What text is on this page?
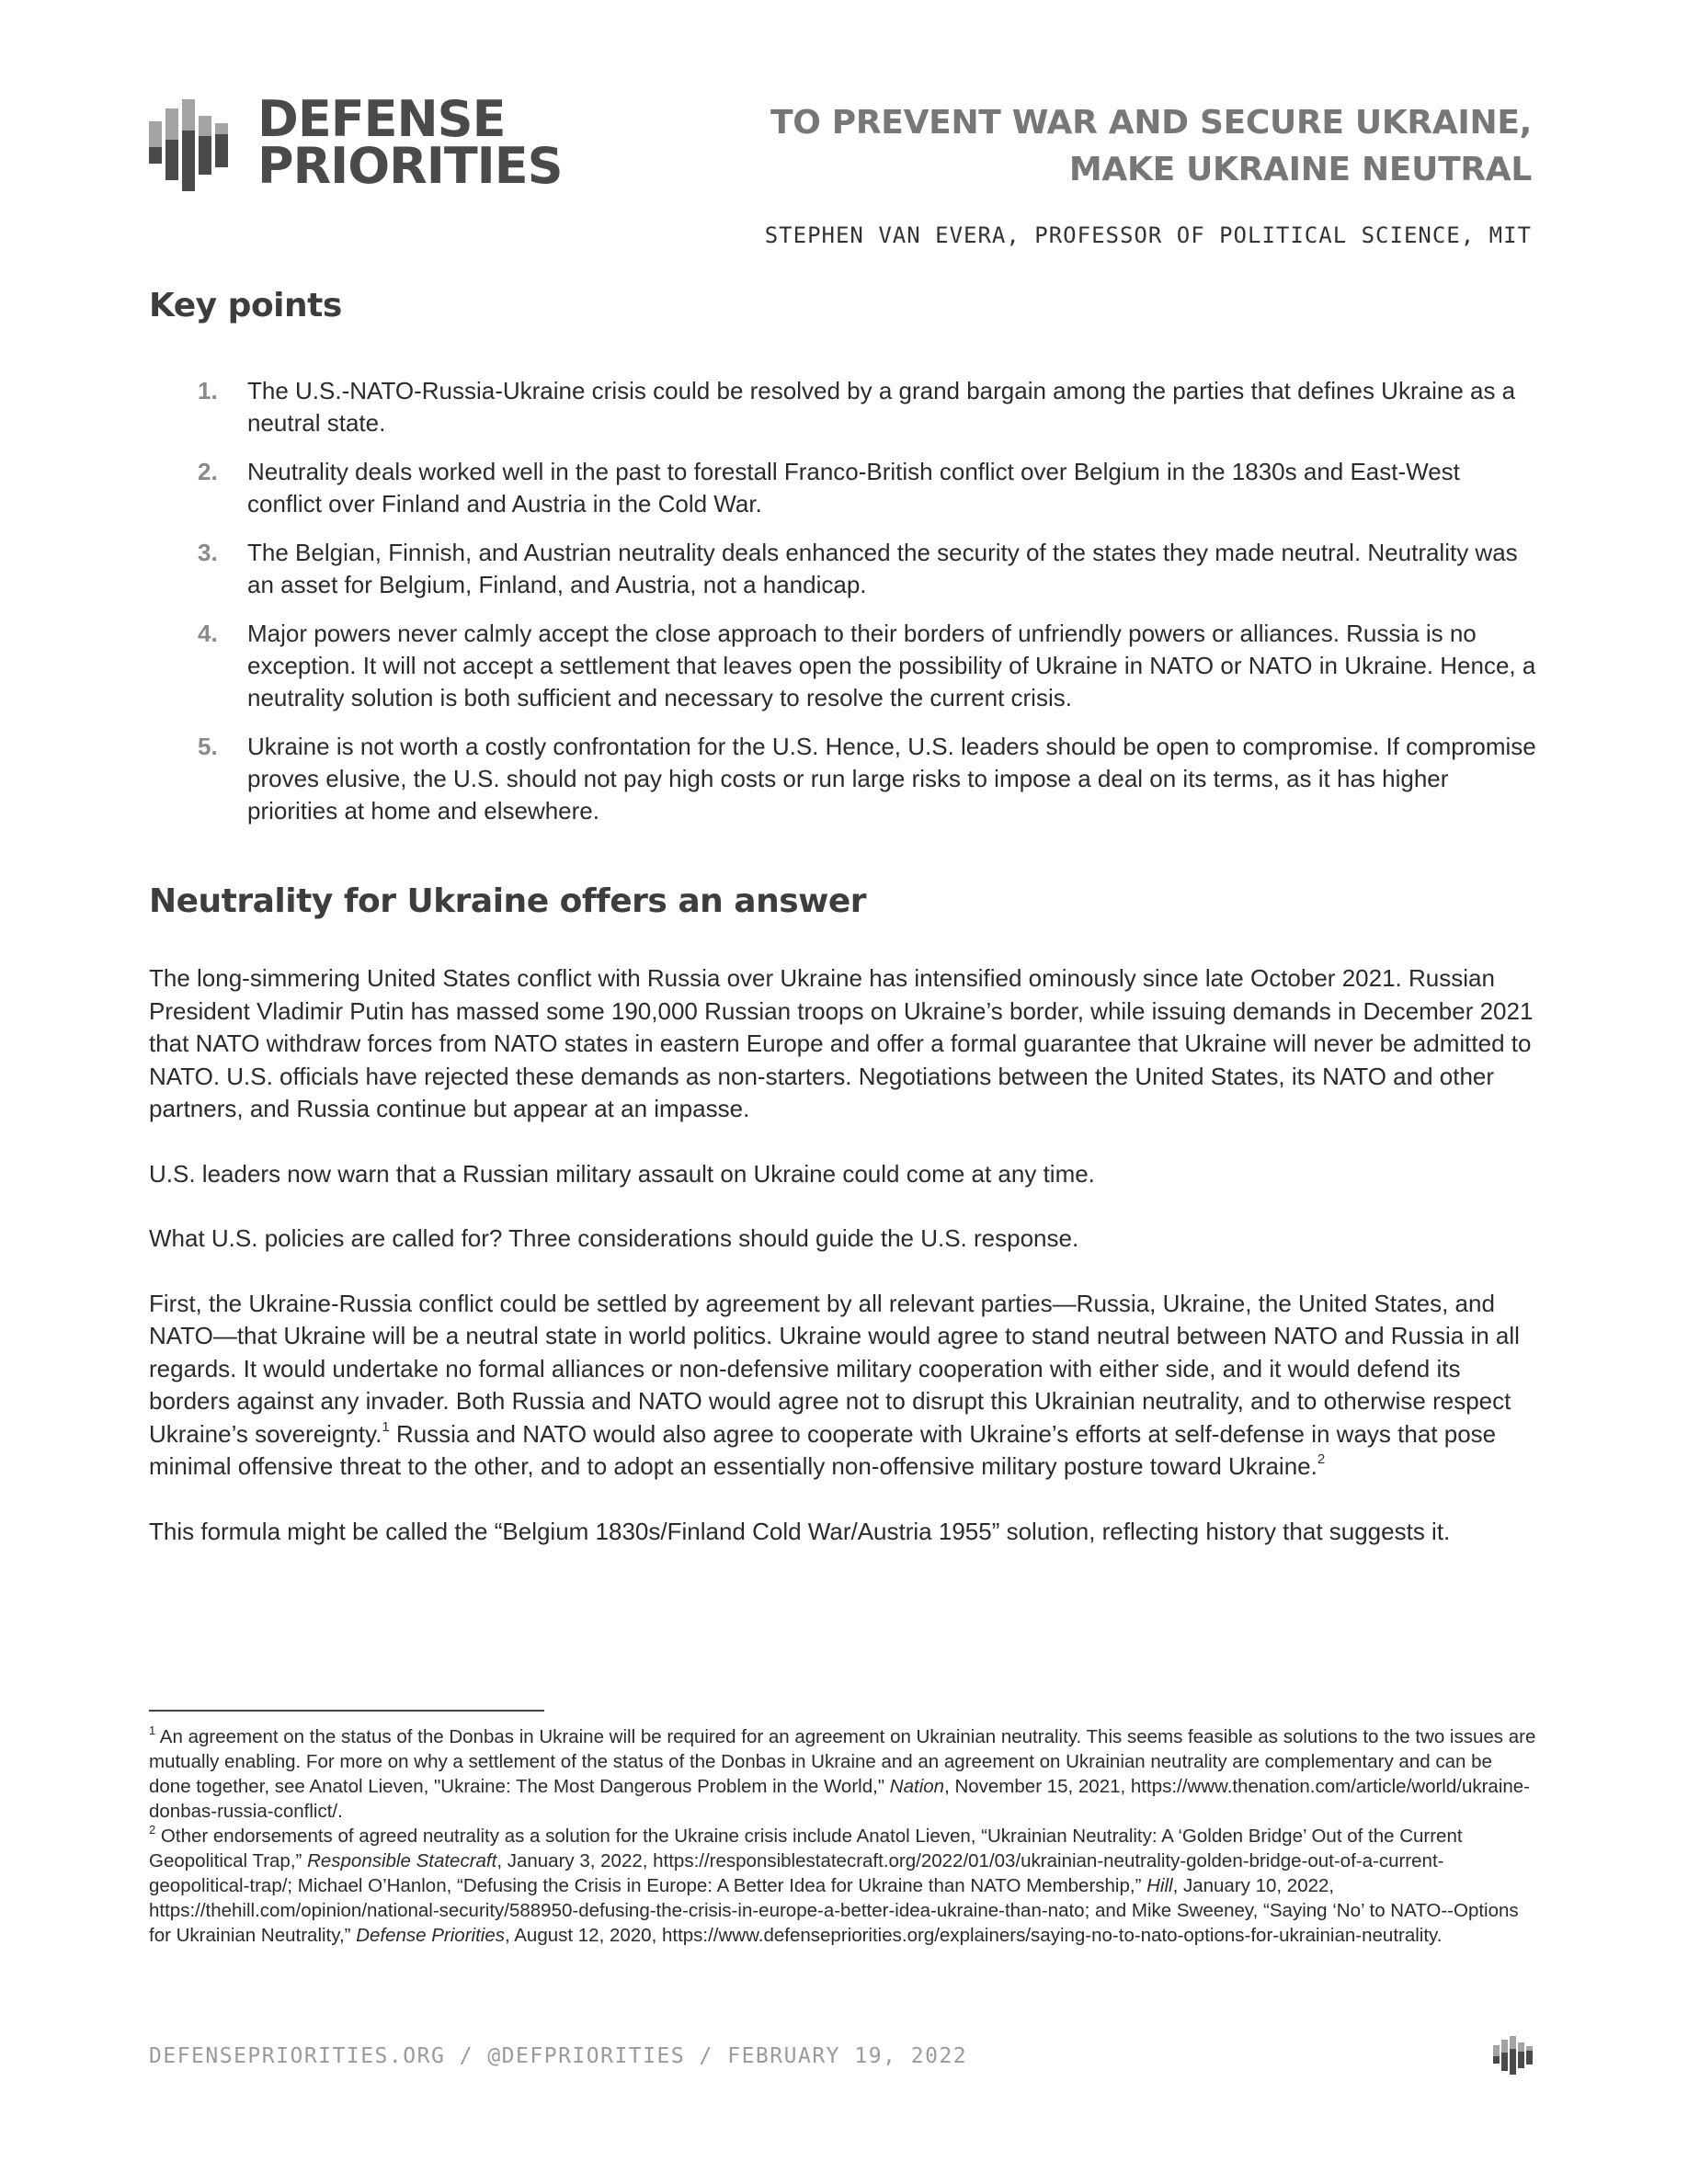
DEFENSE
PRIORITIES
TO PREVENT WAR AND SECURE UKRAINE,
MAKE UKRAINE NEUTRAL
STEPHEN VAN EVERA, PROFESSOR OF POLITICAL SCIENCE, MIT
Key points
1.	The U.S.-NATO-Russia-Ukraine crisis could be resolved by a grand bargain among the parties that defines Ukraine as a neutral state.
2.	Neutrality deals worked well in the past to forestall Franco-British conflict over Belgium in the 1830s and East-West conflict over Finland and Austria in the Cold War.
3.	The Belgian, Finnish, and Austrian neutrality deals enhanced the security of the states they made neutral. Neutrality was an asset for Belgium, Finland, and Austria, not a handicap.
4.	Major powers never calmly accept the close approach to their borders of unfriendly powers or alliances. Russia is no exception. It will not accept a settlement that leaves open the possibility of Ukraine in NATO or NATO in Ukraine. Hence, a neutrality solution is both sufficient and necessary to resolve the current crisis.
5.	Ukraine is not worth a costly confrontation for the U.S. Hence, U.S. leaders should be open to compromise. If compromise proves elusive, the U.S. should not pay high costs or run large risks to impose a deal on its terms, as it has higher priorities at home and elsewhere.
Neutrality for Ukraine offers an answer

The long-simmering United States conflict with Russia over Ukraine has intensified ominously since late October 2021. Russian President Vladimir Putin has massed some 190,000 Russian troops on Ukraine’s border, while issuing demands in December 2021 that NATO withdraw forces from NATO states in eastern Europe and offer a formal guarantee that Ukraine will never be admitted to NATO. U.S. officials have rejected these demands as non-starters. Negotiations between the United States, its NATO and other partners, and Russia continue but appear at an impasse.

U.S. leaders now warn that a Russian military assault on Ukraine could come at any time.

What U.S. policies are called for? Three considerations should guide the U.S. response.

First, the Ukraine-Russia conflict could be settled by agreement by all relevant parties—Russia, Ukraine, the United States, and NATO—that Ukraine will be a neutral state in world politics. Ukraine would agree to stand neutral between NATO and Russia in all regards. It would undertake no formal alliances or non-defensive military cooperation with either side, and it would defend its borders against any invader. Both Russia and NATO would agree not to disrupt this Ukrainian neutrality, and to otherwise respect Ukraine’s sovereignty.$^1$ Russia and NATO would also agree to cooperate with Ukraine’s efforts at self-defense in ways that pose minimal offensive threat to the other, and to adopt an essentially non-offensive military posture toward Ukraine.$^2$

This formula might be called the “Belgium 1830s/Finland Cold War/Austria 1955” solution, reflecting history that suggests it.

$^1$ An agreement on the status of the Donbas in Ukraine will be required for an agreement on Ukrainian neutrality. This seems feasible as solutions to the two issues are mutually enabling. For more on why a settlement of the status of the Donbas in Ukraine and an agreement on Ukrainian neutrality are complementary and can be done together, see Anatol Lieven, "Ukraine: The Most Dangerous Problem in the World," Nation, November 15, 2021, https://www.thenation.com/article/world/ukraine-donbas-russia-conflict/.

$^2$ Other endorsements of agreed neutrality as a solution for the Ukraine crisis include Anatol Lieven, “Ukrainian Neutrality: A ‘Golden Bridge’ Out of the Current Geopolitical Trap,” Responsible Statecraft, January 3, 2022, https://responsiblestatecraft.org/2022/01/03/ukrainian-neutrality-golden-bridge-out-of-a-current-geopolitical-trap/; Michael O’Hanlon, “Defusing the Crisis in Europe: A Better Idea for Ukraine than NATO Membership,” Hill, January 10, 2022, https://thehill.com/opinion/national-security/588950-defusing-the-crisis-in-europe-a-better-idea-ukraine-than-nato; and Mike Sweeney, “Saying ‘No’ to NATO--Options for Ukrainian Neutrality,” Defense Priorities, August 12, 2020, https://www.defensepriorities.org/explainers/saying-no-to-nato-options-for-ukrainian-neutrality.

DEFENSEPRIORITIES.ORG / @DEFPRIORITIES / FEBRUARY 19, 2022
